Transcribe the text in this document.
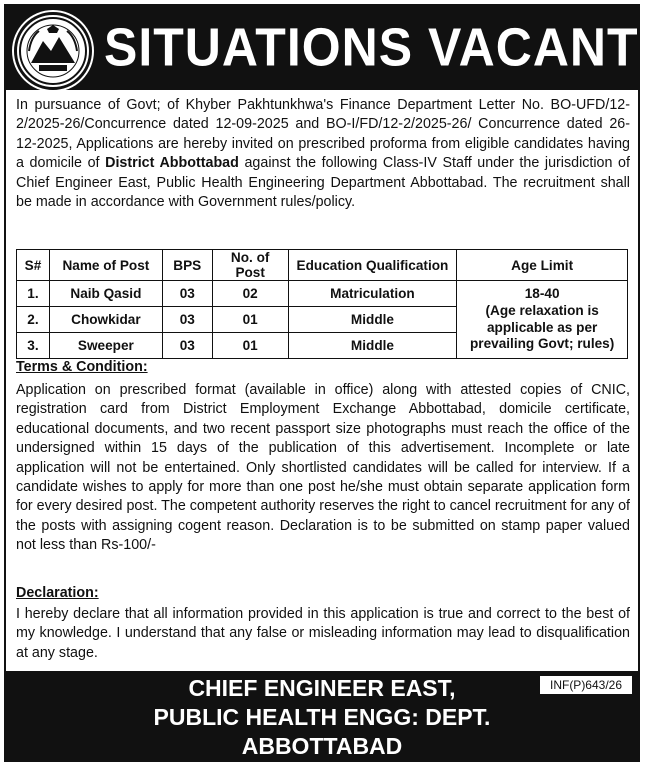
SITUATIONS VACANT
In pursuance of Govt; of Khyber Pakhtunkhwa's Finance Department Letter No. BO-UFD/12-2/2025-26/Concurrence dated 12-09-2025 and BO-I/FD/12-2/2025-26/ Concurrence dated 26-12-2025, Applications are hereby invited on prescribed proforma from eligible candidates having a domicile of District Abbottabad against the following Class-IV Staff under the jurisdiction of Chief Engineer East, Public Health Engineering Department Abbottabad. The recruitment shall be made in accordance with Government rules/policy.
S#	Name of Post	BPS	No. of Post	Education Qualification	Age Limit
1.	Naib Qasid	03	02	Matriculation	18-40
(Age relaxation is applicable as per prevailing Govt; rules)

2.	Chowkidar	03	01	Middle	
3.	Sweeper	03	01	Middle	
Terms & Condition:
Application on prescribed format (available in office) along with attested copies of CNIC, registration card from District Employment Exchange Abbottabad, domicile certificate, educational documents, and two recent passport size photographs must reach the office of the undersigned within 15 days of the publication of this advertisement. Incomplete or late application will not be entertained. Only shortlisted candidates will be called for interview. If a candidate wishes to apply for more than one post he/she must obtain separate application form for every desired post. The competent authority reserves the right to cancel recruitment for any of the posts with assigning cogent reason. Declaration is to be submitted on stamp paper valued not less than Rs-100/-
Declaration:
I hereby declare that all information provided in this application is true and correct to the best of my knowledge. I understand that any false or misleading information may lead to disqualification at any stage.
CHIEF ENGINEER EAST,
PUBLIC HEALTH ENGG: DEPT.
ABBOTTABAD
INF(P)643/26
